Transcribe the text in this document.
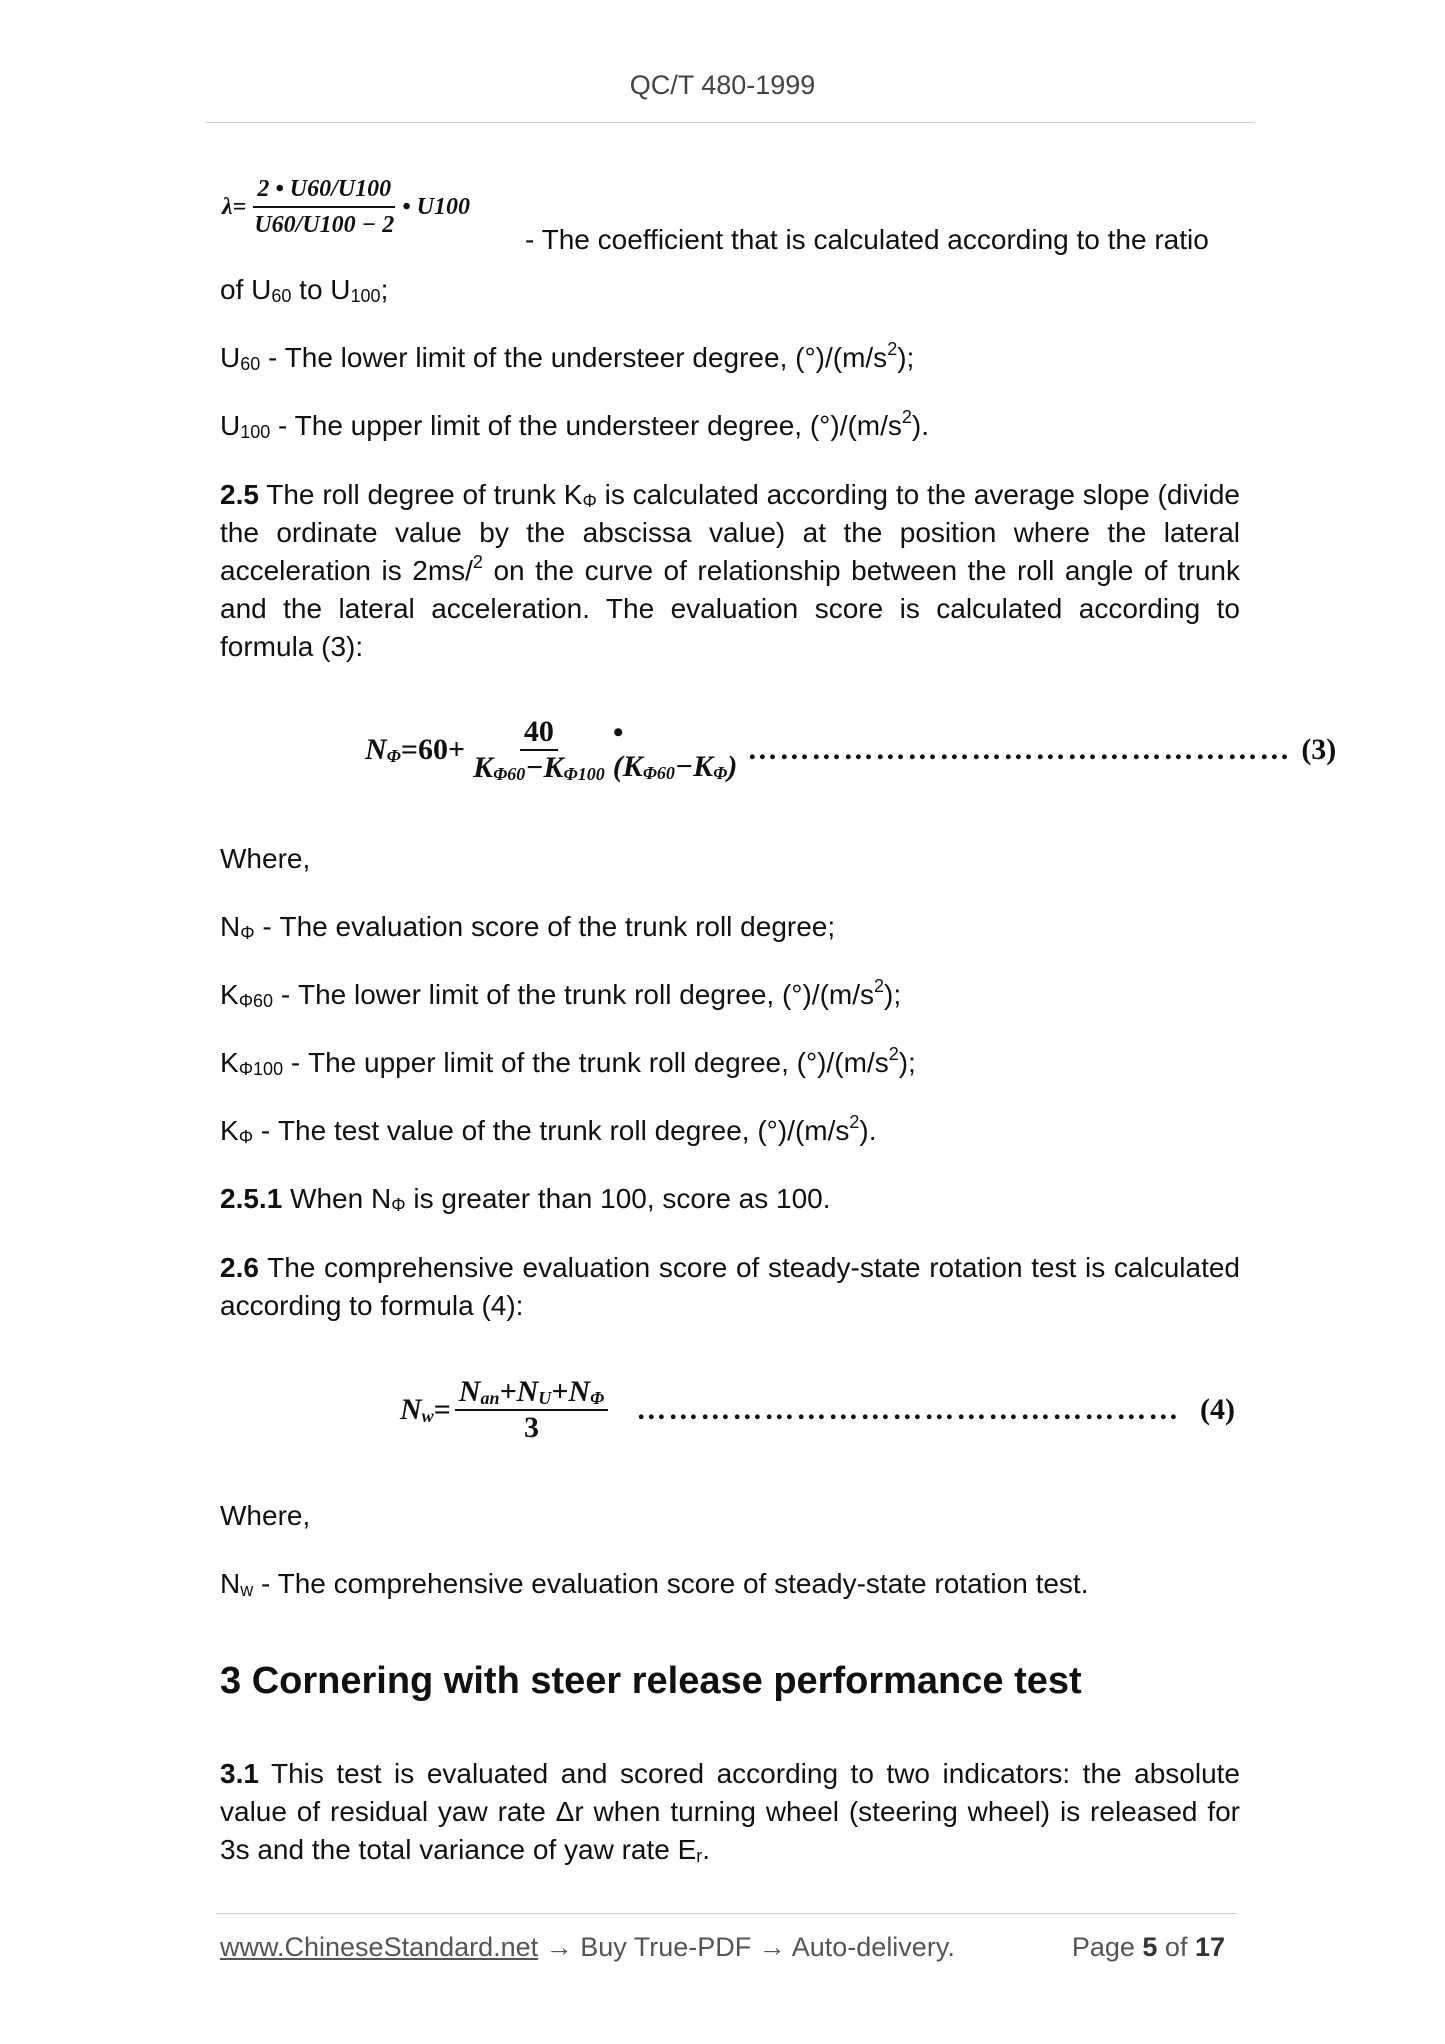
QC/T 480-1999
$\lambda= \frac{2 • U60/U100}{U60/U100 - 2}$ • U100

- The coefficient that is calculated according to the ratio

of $U_{60}$ to $U_{100}$;

$U_{60}$ - The lower limit of the understeer degree, $(^\circ)/(m/s^2)$;

$U_{100}$ - The upper limit of the understeer degree, $(^\circ)/(m/s^2)$.

2.5 The roll degree of trunk $K_\Phi$ is calculated according to the average slope (divide the ordinate value by the abscissa value) at the position where the lateral acceleration is 2ms/$^2$ on the curve of relationship between the roll angle of trunk and the lateral acceleration. The evaluation score is calculated according to formula (3):

$N_\Phi =60+ \frac{40}{K_{\Phi 60}-K_{\Phi 100}}$ • $(K_{\Phi 60}-K_\Phi)$
…………………………………………… (3)

Where,

$N_\Phi$ - The evaluation score of the trunk roll degree;

$K_{\Phi 60}$ - The lower limit of the trunk roll degree, $(^\circ)/(m/s^2)$;

$K_{\Phi 100}$ - The upper limit of the trunk roll degree, $(^\circ)/(m/s^2)$;

$K_\Phi$ - The test value of the trunk roll degree, $(^\circ)/(m/s^2)$.

2.5.1 When $N_\Phi$ is greater than 100, score as 100.

2.6 The comprehensive evaluation score of steady-state rotation test is calculated according to formula (4):

$N_w = \frac{N_{an}+N_U+N_\Phi}{3}$ …………………………………………… (4)

Where,

$N_w$ - The comprehensive evaluation score of steady-state rotation test.

3 Cornering with steer release performance test

3.1 This test is evaluated and scored according to two indicators: the absolute value of residual yaw rate Δr when turning wheel (steering wheel) is released for 3s and the total variance of yaw rate $E_r$.

www.ChineseStandard.net → Buy True-PDF → Auto-delivery.	Page 5 of 17
